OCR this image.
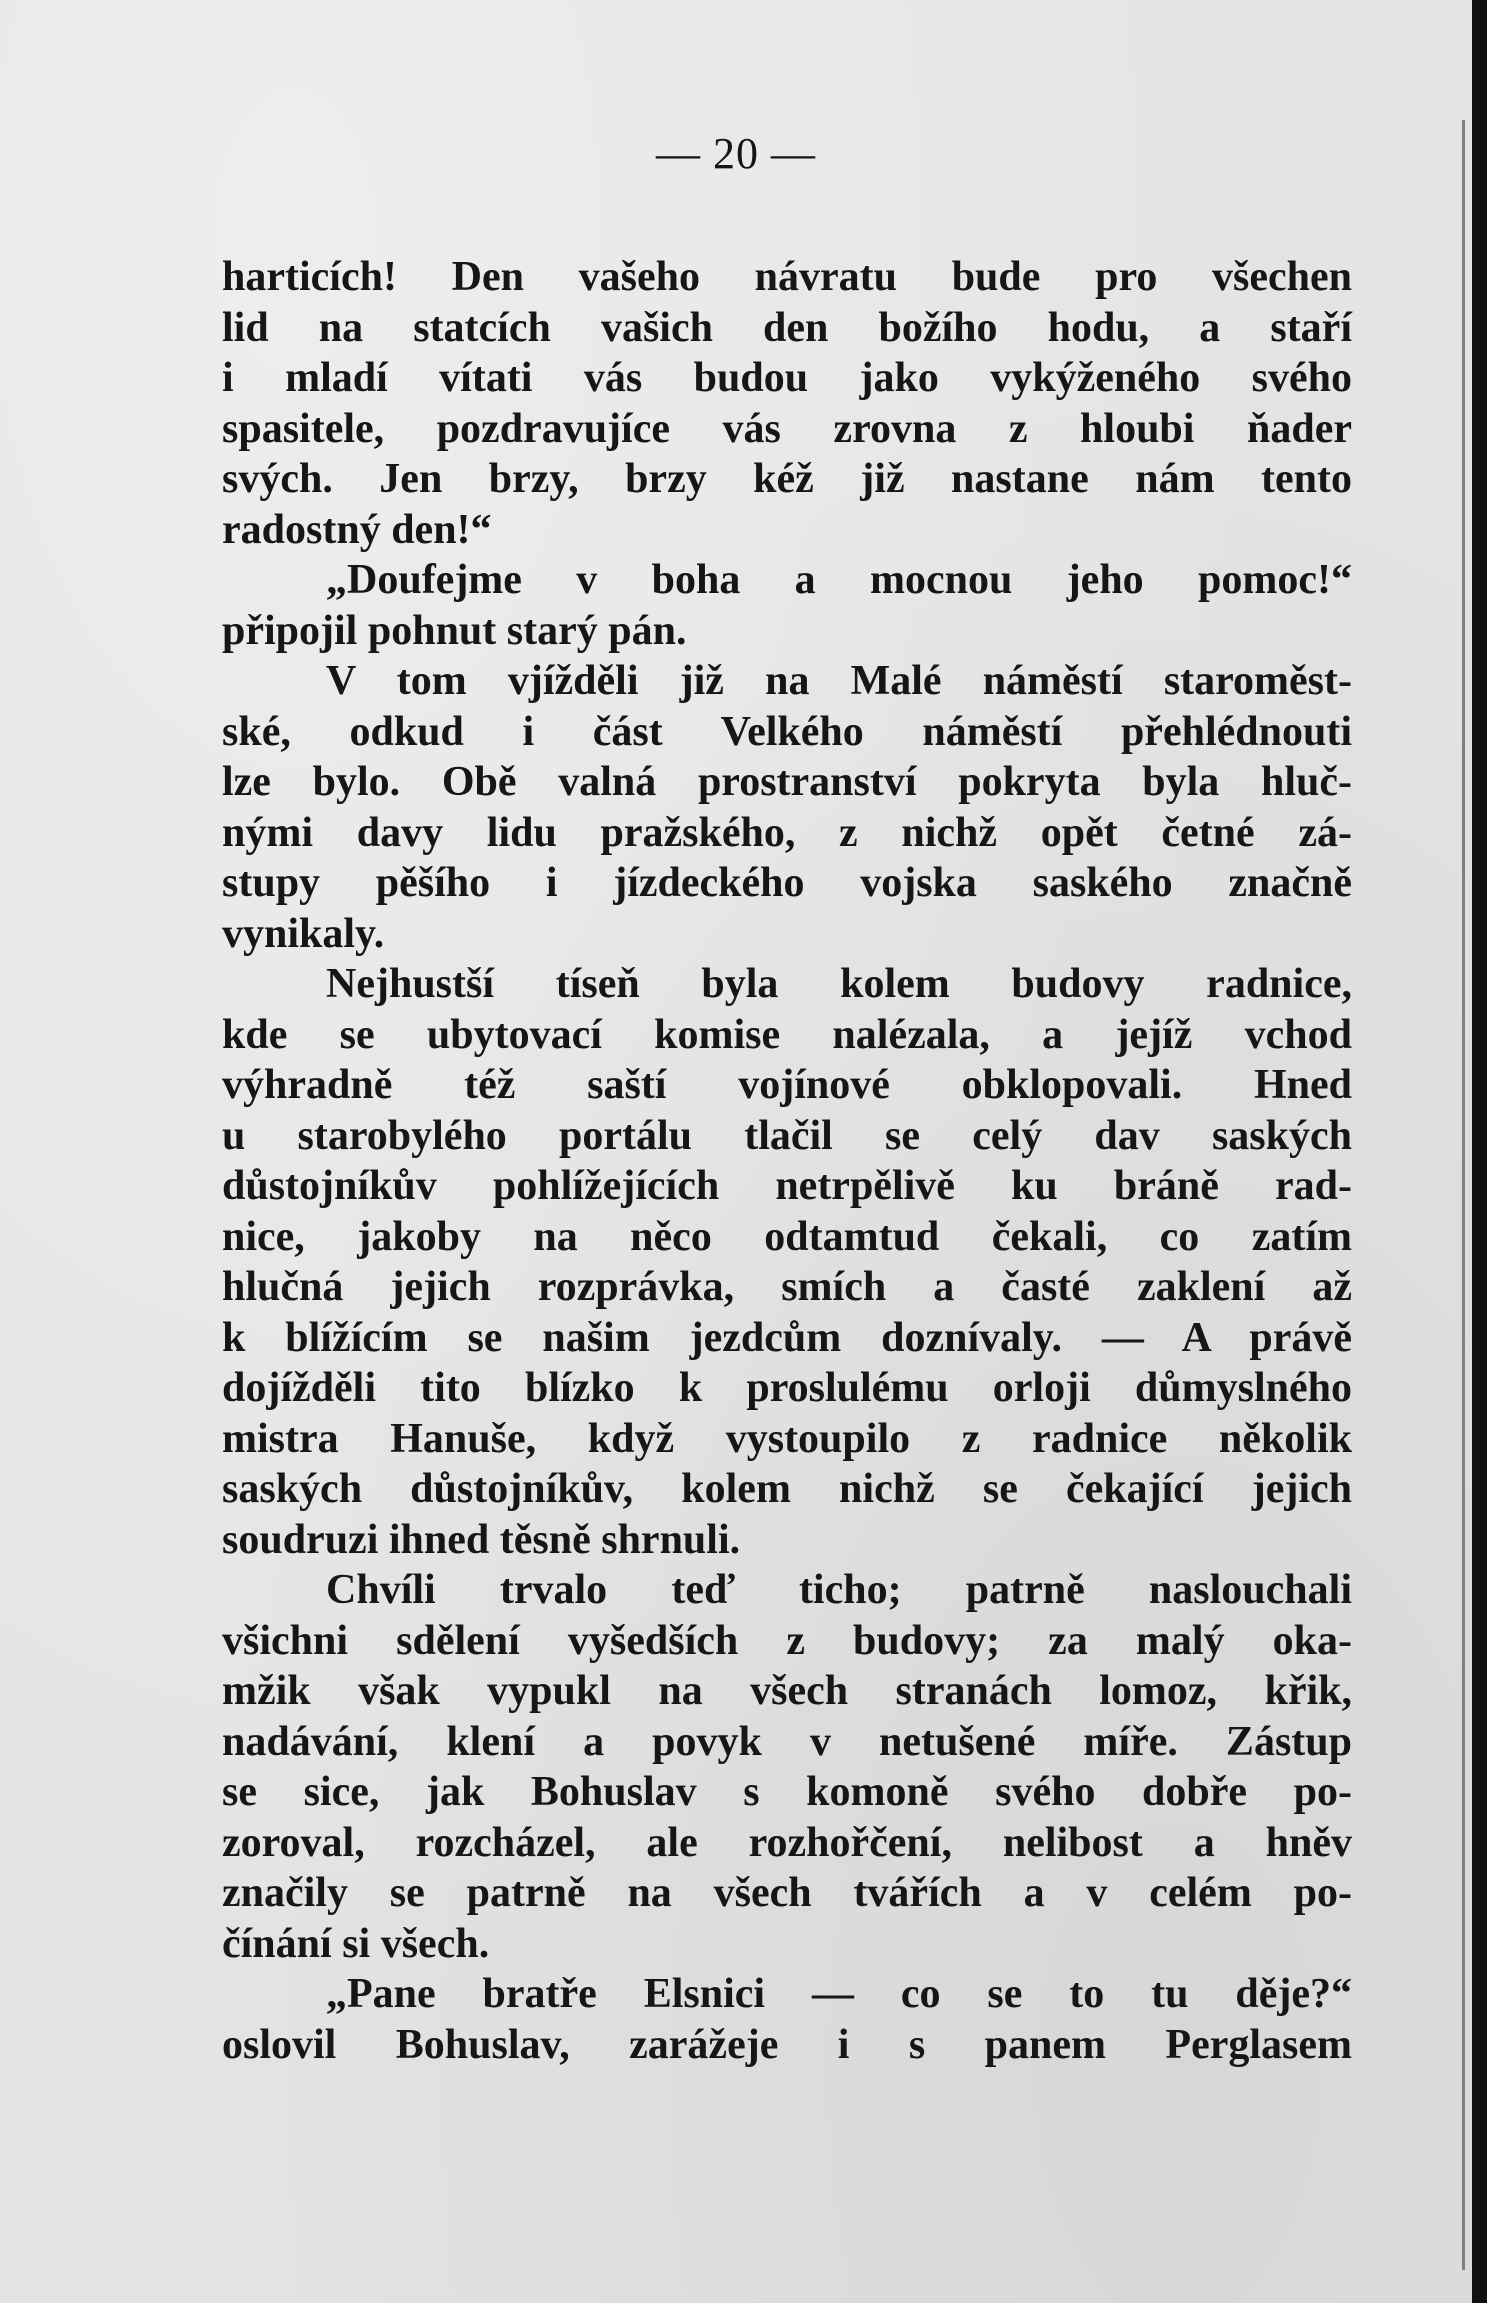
— 20 —
harticích! Den vašeho návratu bude pro všechen
lid na statcích vašich den božího hodu, a staří
i mladí vítati vás budou jako vykýženého svého
spasitele, pozdravujíce vás zrovna z hloubi ňader
svých. Jen brzy, brzy kéž již nastane nám tento
radostný den!“
„Doufejme v boha a mocnou jeho pomoc!“
připojil pohnut starý pán.
V tom vjížděli již na Malé náměstí staroměst-
ské, odkud i část Velkého náměstí přehlédnouti
lze bylo. Obě valná prostranství pokryta byla hluč-
nými davy lidu pražského, z nichž opět četné zá-
stupy pěšího i jízdeckého vojska saského značně
vynikaly.
Nejhustší tíseň byla kolem budovy radnice,
kde se ubytovací komise nalézala, a jejíž vchod
výhradně též saští vojínové obklopovali. Hned
u starobylého portálu tlačil se celý dav saských
důstojníkův pohlížejících netrpělivě ku bráně rad-
nice, jakoby na něco odtamtud čekali, co zatím
hlučná jejich rozprávka, smích a časté zaklení až
k blížícím se našim jezdcům doznívaly. — A právě
dojížděli tito blízko k proslulému orloji důmyslného
mistra Hanuše, když vystoupilo z radnice několik
saských důstojníkův, kolem nichž se čekající jejich
soudruzi ihned těsně shrnuli.
Chvíli trvalo teď ticho; patrně naslouchali
všichni sdělení vyšedších z budovy; za malý oka-
mžik však vypukl na všech stranách lomoz, křik,
nadávání, klení a povyk v netušené míře. Zástup
se sice, jak Bohuslav s komoně svého dobře po-
zoroval, rozcházel, ale rozhořčení, nelibost a hněv
značily se patrně na všech tvářích a v celém po-
čínání si všech.
„Pane bratře Elsnici — co se to tu děje?“
oslovil Bohuslav, zarážeje i s panem Perglasem
